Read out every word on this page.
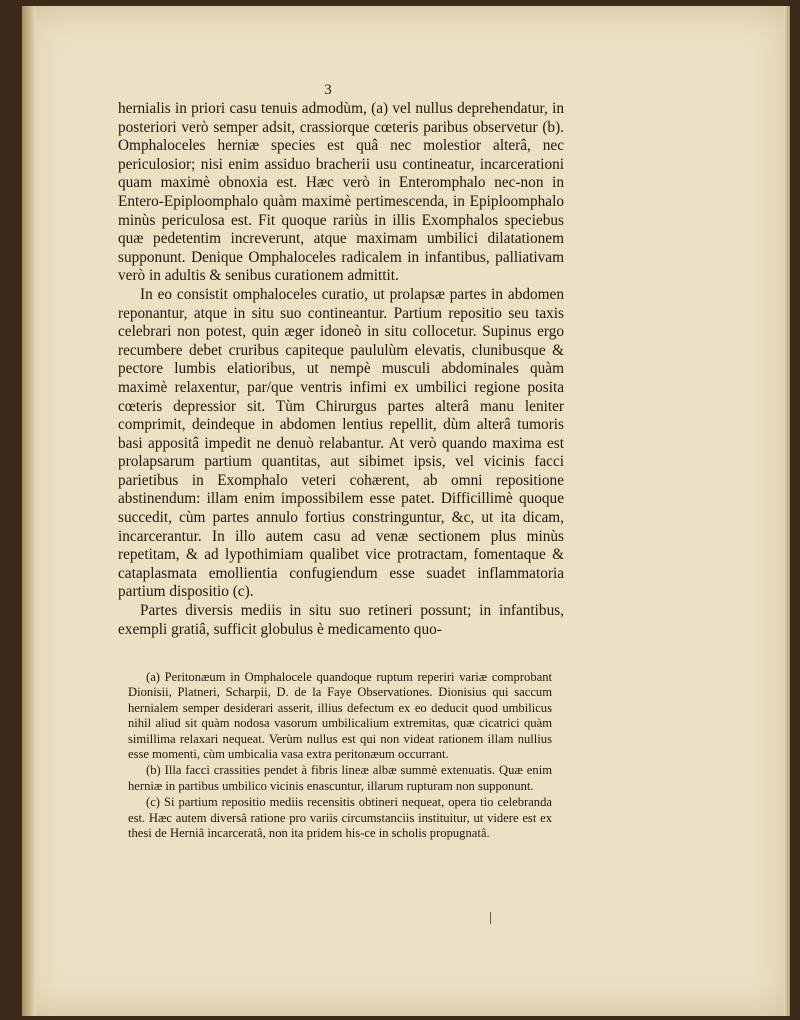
3

hernialis in priori casu tenuis admodùm, (a) vel nullus deprehendatur, in posteriori verò semper adsit, crassiorque cœteris paribus observetur (b). Omphaloceles herniæ species est quâ nec molestior alterâ, nec periculosior; nisi enim assiduo bracherii usu contineatur, incarcerationi quam maximè obnoxia est. Hæc verò in Enteromphalo nec-non in Entero-Epiploomphalo quàm maximè pertimescenda, in Epiploomphalo minùs periculosa est. Fit quoque rariùs in illis Exomphalos speciebus quæ pedetentim increverunt, atque maximam umbilici dilatationem supponunt. Denique Omphaloceles radicalem in infantibus, palliativam verò in adultis & senibus curationem admittit.

In eo consistit omphaloceles curatio, ut prolapsæ partes in abdomen reponantur, atque in situ suo contineantur. Partium repositio seu taxis celebrari non potest, quin æger idoneò in situ collocetur. Supinus ergo recumbere debet cruribus capiteque paululùm elevatis, clunibusque & pectore lumbis elatioribus, ut nempè musculi abdominales quàm maximè relaxentur, par/que ventris infimi ex umbilici regione posita cœteris depressior sit. Tùm Chirurgus partes alterâ manu leniter comprimit, deindeque in abdomen lentius repellit, dùm alterâ tumoris basi appositâ impedit ne denuò relabantur. At verò quando maxima est prolapsarum partium quantitas, aut sibimet ipsis, vel vicinis facci parietibus in Exomphalo veteri cohærent, ab omni repositione abstinendum: illam enim impossibilem esse patet. Difficillimè quoque succedit, cùm partes annulo fortius constringuntur, &c, ut ita dicam, incarcerantur. In illo autem casu ad venæ sectionem plus minùs repetitam, & ad lypothimiam qualibet vice protractam, fomentaque & cataplasmata emollientia confugiendum esse suadet inflammatoria partium dispositio (c).

Partes diversis mediis in situ suo retineri possunt; in infantibus, exempli gratiâ, sufficit globulus è medicamento quo-

(a) Peritonæum in Omphalocele quandoque ruptum reperiri variæ comprobant Dionisii, Platneri, Scharpii, D. de la Faye Observationes. Dionisius qui saccum hernialem semper desiderari asserit, illius defectum ex eo deducit quod umbilicus nihil aliud sit quàm nodosa vasorum umbilicalium extremitas, quæ cicatrici quàm simillima relaxari nequeat. Verùm nullus est qui non videat rationem illam nullius esse momenti, cùm umbicalia vasa extra peritonæum occurrant.

(b) Illa facci crassities pendet à fibris lineæ albæ summè extenuatis. Quæ enim herniæ in partibus umbilico vicinis enascuntur, illarum rupturam non supponunt.

(c) Si partium repositio mediis recensitis obtineri nequeat, opera tio celebranda est. Hæc autem diversâ ratione pro variis circumstanciis instituitur, ut videre est ex thesi de Herniâ incarceratâ, non ita pridem his-ce in scholis propugnatâ.
